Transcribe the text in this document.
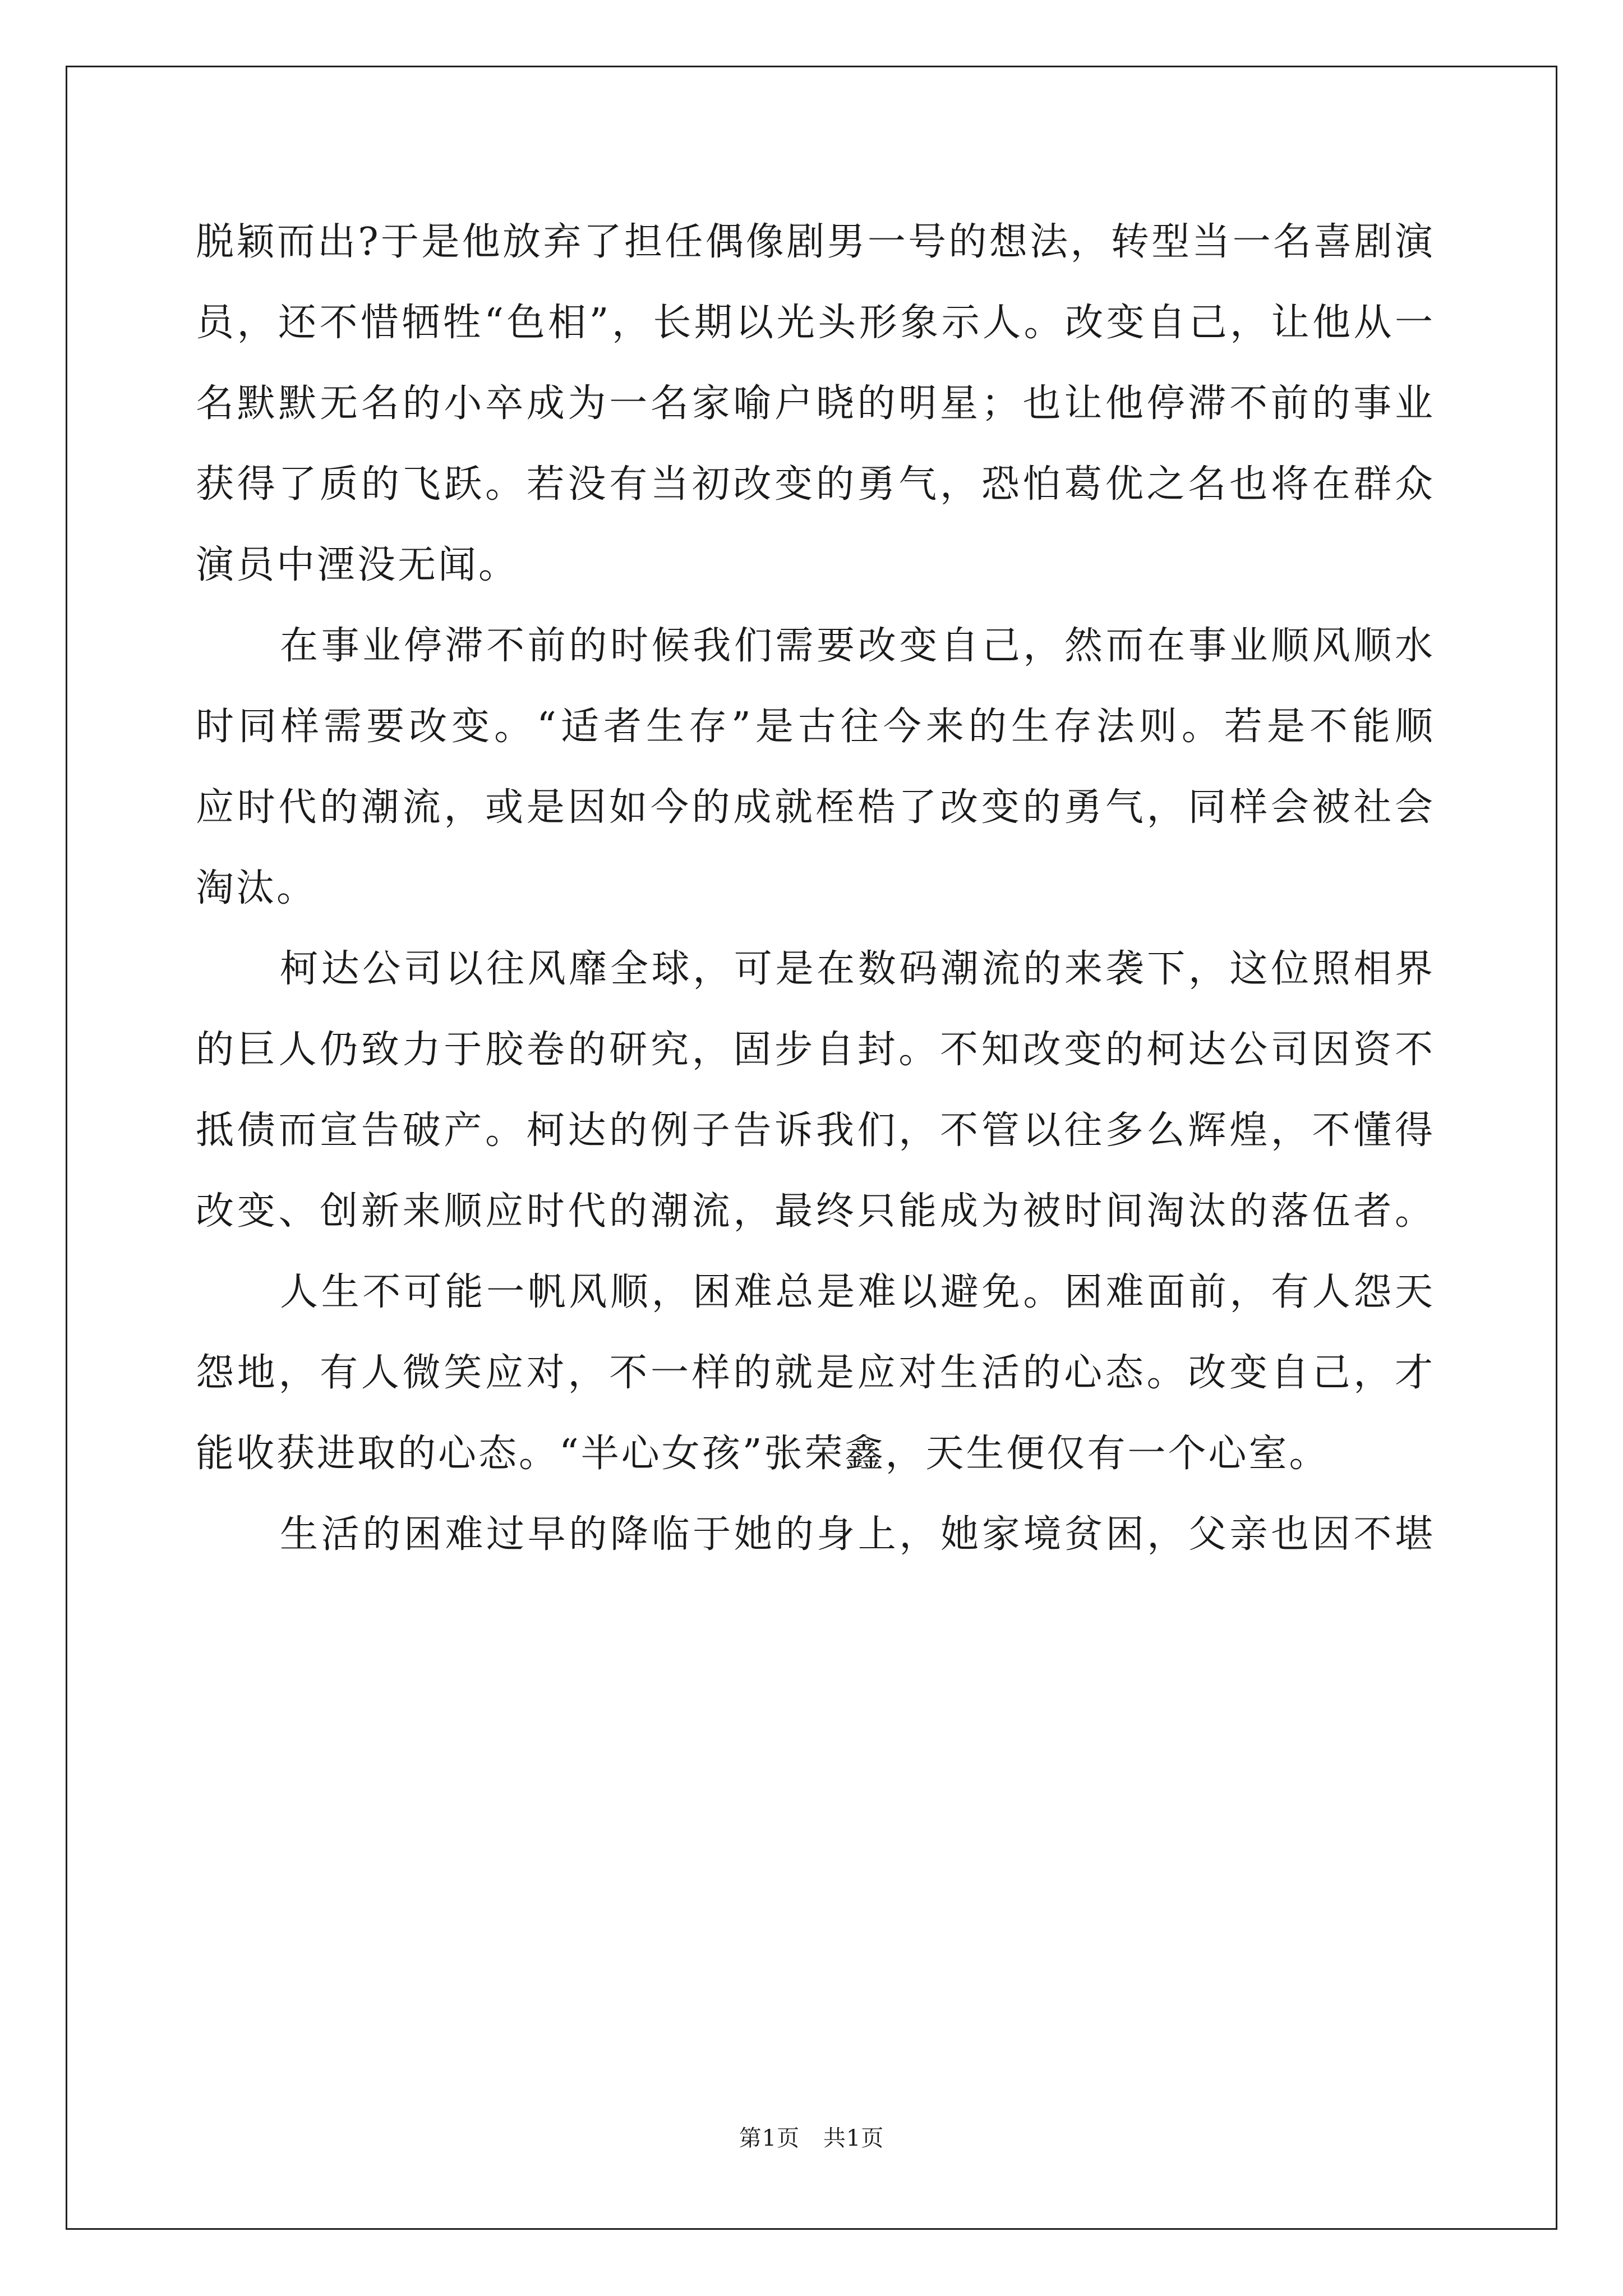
脱颖而出?于是他放弃了担任偶像剧男一号的想法，转型当一名喜剧演
员，还不惜牺牲“色相”，长期以光头形象示人。改变自己，让他从一
名默默无名的小卒成为一名家喻户晓的明星；也让他停滞不前的事业
获得了质的飞跃。若没有当初改变的勇气，恐怕葛优之名也将在群众
演员中湮没无闻。
在事业停滞不前的时候我们需要改变自己，然而在事业顺风顺水
时同样需要改变。“适者生存”是古往今来的生存法则。若是不能顺
应时代的潮流，或是因如今的成就桎梏了改变的勇气，同样会被社会
淘汰。
柯达公司以往风靡全球，可是在数码潮流的来袭下，这位照相界
的巨人仍致力于胶卷的研究，固步自封。不知改变的柯达公司因资不
抵债而宣告破产。柯达的例子告诉我们，不管以往多么辉煌，不懂得
改变、创新来顺应时代的潮流，最终只能成为被时间淘汰的落伍者。
人生不可能一帆风顺，困难总是难以避免。困难面前，有人怨天
怨地，有人微笑应对，不一样的就是应对生活的心态。改变自己，才
能收获进取的心态。“半心女孩”张荣鑫，天生便仅有一个心室。
生活的困难过早的降临于她的身上，她家境贫困，父亲也因不堪
第1页 共1页
